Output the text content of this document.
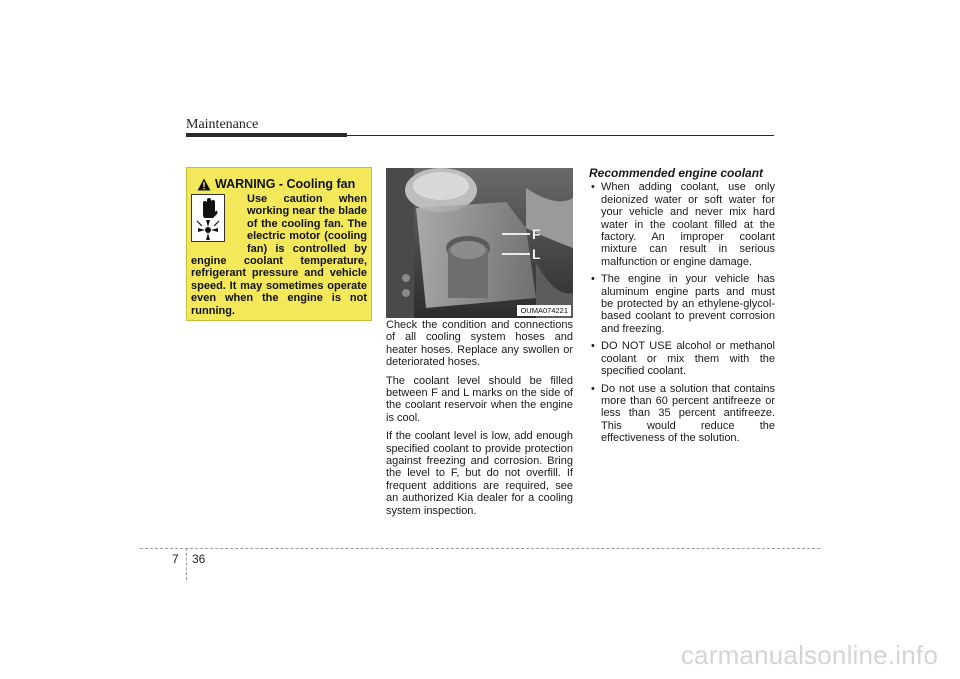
Maintenance
WARNING - Cooling fan
Use caution when working near the blade of the cooling fan. The electric motor (cooling fan) is controlled by engine coolant temperature, refrigerant pressure and vehicle speed. It may sometimes operate even when the engine is not running.
F
L
OUMA074221

Check the condition and connections of all cooling system hoses and heater hoses. Replace any swollen or deteriorated hoses.

The coolant level should be filled between F and L marks on the side of the coolant reservoir when the engine is cool.

If the coolant level is low, add enough specified coolant to provide protection against freezing and corrosion. Bring the level to F, but do not overfill. If frequent additions are required, see an authorized Kia dealer for a cooling system inspection.

Recommended engine coolant
• When adding coolant, use only deionized water or soft water for your vehicle and never mix hard water in the coolant filled at the factory. An improper coolant mixture can result in serious malfunction or engine damage.
• The engine in your vehicle has aluminum engine parts and must be protected by an ethylene-glycol-based coolant to prevent corrosion and freezing.
• DO NOT USE alcohol or methanol coolant or mix them with the specified coolant.
• Do not use a solution that contains more than 60 percent antifreeze or less than 35 percent antifreeze. This would reduce the effectiveness of the solution.
7 36
carmanualsonline.info
